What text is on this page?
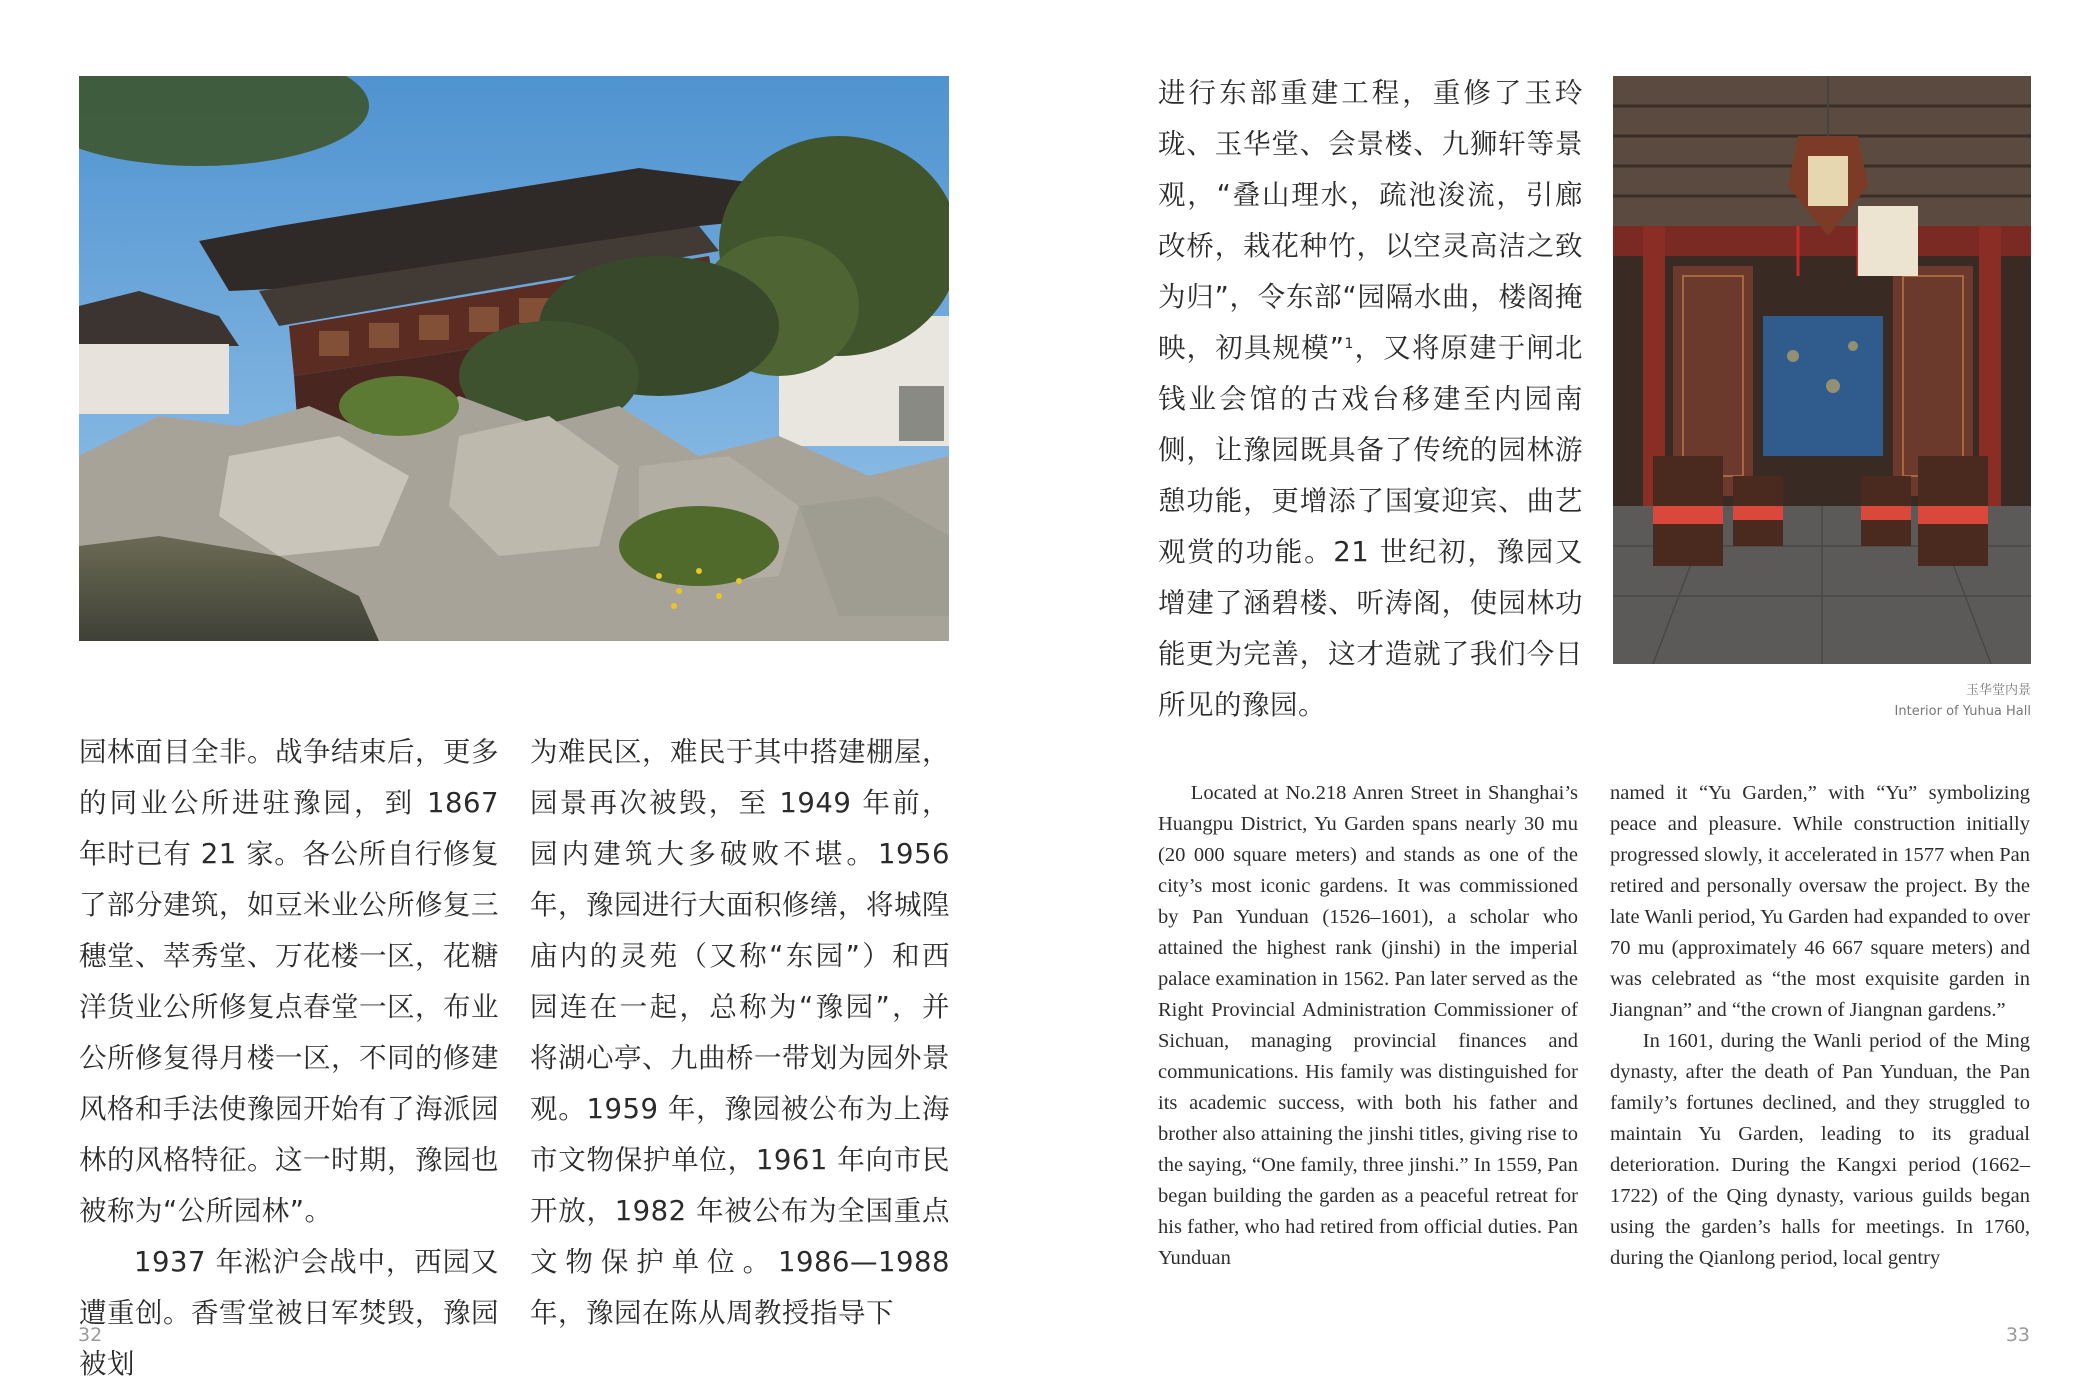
园林面目全非。战争结束后，更多的同业公所进驻豫园，到 1867 年时已有 21 家。各公所自行修复了部分建筑，如豆米业公所修复三穗堂、萃秀堂、万花楼一区，花糖洋货业公所修复点春堂一区，布业公所修复得月楼一区，不同的修建风格和手法使豫园开始有了海派园林的风格特征。这一时期，豫园也被称为“公所园林”。

1937 年淞沪会战中，西园又遭重创。香雪堂被日军焚毁，豫园被划

为难民区，难民于其中搭建棚屋，园景再次被毁，至 1949 年前，园内建筑大多破败不堪。1956 年，豫园进行大面积修缮，将城隍庙内的灵苑（又称“东园”）和西园连在一起，总称为“豫园”，并将湖心亭、九曲桥一带划为园外景观。1959 年，豫园被公布为上海市文物保护单位，1961 年向市民开放，1982 年被公布为全国重点文物保护单位。1986—1988 年，豫园在陈从周教授指导下

32

进行东部重建工程，重修了玉玲珑、玉华堂、会景楼、九狮轩等景观，“叠山理水，疏池浚流，引廊改桥，栽花种竹，以空灵高洁之致为归”，令东部“园隔水曲，楼阁掩映，初具规模”$^1$，又将原建于闸北钱业会馆的古戏台移建至内园南侧，让豫园既具备了传统的园林游憩功能，更增添了国宴迎宾、曲艺观赏的功能。21 世纪初，豫园又增建了涵碧楼、听涛阁，使园林功能更为完善，这才造就了我们今日所见的豫园。	玉华堂内景
Interior of Yuhua Hall

Located at No.218 Anren Street in Shanghai’s Huangpu District, Yu Garden spans nearly 30 mu (20 000 square meters) and stands as one of the city’s most iconic gardens. It was commissioned by Pan Yunduan (1526–1601), a scholar who attained the highest rank (jinshi) in the imperial palace examination in 1562. Pan later served as the Right Provincial Administration Commissioner of Sichuan, managing provincial finances and communications. His family was distinguished for its academic success, with both his father and brother also attaining the jinshi titles, giving rise to the saying, “One family, three jinshi.” In 1559, Pan began building the garden as a peaceful retreat for his father, who had retired from official duties. Pan Yunduan

named it “Yu Garden,” with “Yu” symbolizing peace and pleasure. While construction initially progressed slowly, it accelerated in 1577 when Pan retired and personally oversaw the project. By the late Wanli period, Yu Garden had expanded to over 70 mu (approximately 46 667 square meters) and was celebrated as “the most exquisite garden in Jiangnan” and “the crown of Jiangnan gardens.”

In 1601, during the Wanli period of the Ming dynasty, after the death of Pan Yunduan, the Pan family’s fortunes declined, and they struggled to maintain Yu Garden, leading to its gradual deterioration. During the Kangxi period (1662–1722) of the Qing dynasty, various guilds began using the garden’s halls for meetings. In 1760, during the Qianlong period, local gentry

33
